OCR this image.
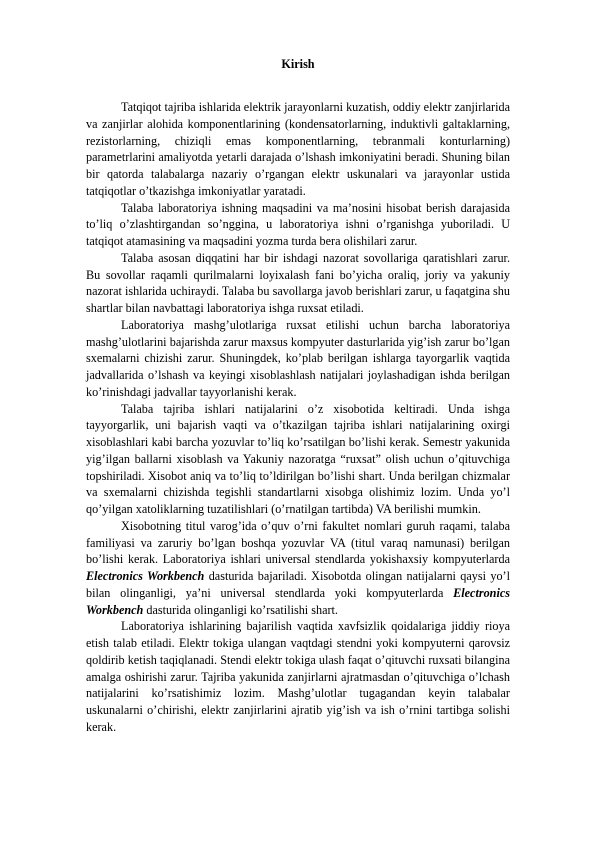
Kirish

Tatqiqot tajriba ishlarida elektrik jarayonlarni kuzatish, oddiy elektr zanjirlarida va zanjirlar alohida komponentlarining (kondensatorlarning, induktivli galtaklarning, rezistorlarning, chiziqli emas komponentlarning, tebranmali konturlarning) parametrlarini amaliyotda yetarli darajada o’lshash imkoniyatini beradi. Shuning bilan bir qatorda talabalarga nazariy o’rgangan elektr uskunalari va jarayonlar ustida tatqiqotlar o’tkazishga imkoniyatlar yaratadi.

Talaba laboratoriya ishning maqsadini va ma’nosini hisobat berish darajasida to’liq o’zlashtirgandan so’nggina, u laboratoriya ishni o’rganishga yuboriladi. U tatqiqot atamasining va maqsadini yozma turda bera olishilari zarur.

Talaba asosan diqqatini har bir ishdagi nazorat sovollariga qaratishlari zarur. Bu sovollar raqamli qurilmalarni loyixalash fani bo’yicha oraliq, joriy va yakuniy nazorat ishlarida uchiraydi. Talaba bu savollarga javob berishlari zarur, u faqatgina shu shartlar bilan navbattagi laboratoriya ishga ruxsat etiladi.

Laboratoriya mashg’ulotlariga ruxsat etilishi uchun barcha laboratoriya mashg’ulotlarini bajarishda zarur maxsus kompyuter dasturlarida yig’ish zarur bo’lgan sxemalarni chizishi zarur. Shuningdek, ko’plab berilgan ishlarga tayorgarlik vaqtida jadvallarida o’lshash va keyingi xisoblashlash natijalari joylashadigan ishda berilgan ko’rinishdagi jadvallar tayyorlanishi kerak.

Talaba tajriba ishlari natijalarini o’z xisobotida keltiradi. Unda ishga tayyorgarlik, uni bajarish vaqti va o’tkazilgan tajriba ishlari natijalarining oxirgi xisoblashlari kabi barcha yozuvlar to’liq ko’rsatilgan bo’lishi kerak. Semestr yakunida yig’ilgan ballarni xisoblash va Yakuniy nazoratga “ruxsat” olish uchun o’qituvchiga topshiriladi. Xisobot aniq va to’liq to’ldirilgan bo’lishi shart. Unda berilgan chizmalar va sxemalarni chizishda tegishli standartlarni xisobga olishimiz lozim. Unda yo’l qo’yilgan xatoliklarning tuzatilishlari (o’rnatilgan tartibda) VA berilishi mumkin.

Xisobotning titul varog’ida o’quv o’rni fakultet nomlari guruh raqami, talaba familiyasi va zaruriy bo’lgan boshqa yozuvlar VA (titul varaq namunasi) berilgan bo’lishi kerak. Laboratoriya ishlari universal stendlarda yokishaxsiy kompyuterlarda Electronics Workbench dasturida bajariladi. Xisobotda olingan natijalarni qaysi yo’l bilan olinganligi, ya’ni universal stendlarda yoki kompyuterlarda Electronics Workbench dasturida olinganligi ko’rsatilishi shart.

Laboratoriya ishlarining bajarilish vaqtida xavfsizlik qoidalariga jiddiy rioya etish talab etiladi. Elektr tokiga ulangan vaqtdagi stendni yoki kompyuterni qarovsiz qoldirib ketish taqiqlanadi. Stendi elektr tokiga ulash faqat o’qituvchi ruxsati bilangina amalga oshirishi zarur. Tajriba yakunida zanjirlarni ajratmasdan o’qituvchiga o’lchash natijalarini ko’rsatishimiz lozim. Mashg’ulotlar tugagandan keyin talabalar uskunalarni o’chirishi, elektr zanjirlarini ajratib yig’ish va ish o’rnini tartibga solishi kerak.
